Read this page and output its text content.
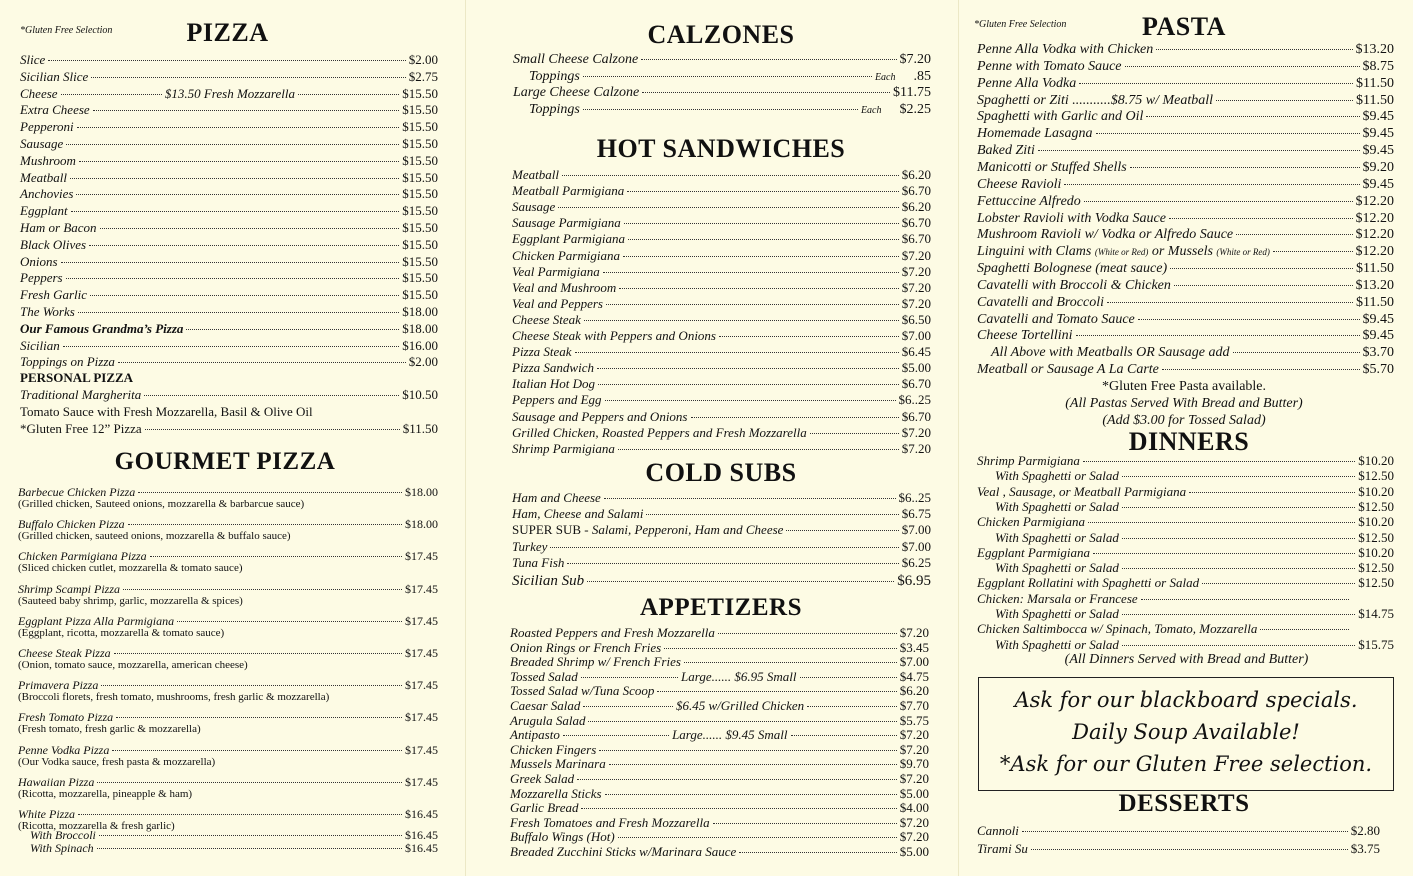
*Gluten Free Selection	PIZZA
Slice	$2.00
Sicilian Slice	$2.75
Cheese	$13.50 Fresh Mozzarella	$15.50
Extra Cheese	$15.50
Pepperoni	$15.50
Sausage	$15.50
Mushroom	$15.50
Meatball	$15.50
Anchovies	$15.50
Eggplant	$15.50
Ham or Bacon	$15.50
Black Olives	$15.50
Onions	$15.50
Peppers	$15.50
Fresh Garlic	$15.50
The Works	$18.00
Our Famous Grandma’s Pizza	$18.00
Sicilian	$16.00
Toppings on Pizza	$2.00
PERSONAL PIZZA
Traditional Margherita	$10.50
Tomato Sauce with Fresh Mozzarella, Basil & Olive Oil
*Gluten Free 12” Pizza	$11.50
GOURMET PIZZA
Barbecue Chicken Pizza	$18.00
(Grilled chicken, Sauteed onions, mozzarella & barbarcue sauce)
Buffalo Chicken Pizza	$18.00
(Grilled chicken, sauteed onions, mozzarella & buffalo sauce)
Chicken Parmigiana Pizza	$17.45
(Sliced chicken cutlet, mozzarella & tomato sauce)
Shrimp Scampi Pizza	$17.45
(Sauteed baby shrimp, garlic, mozzarella & spices)
Eggplant Pizza Alla Parmigiana	$17.45
(Eggplant, ricotta, mozzarella & tomato sauce)
Cheese Steak Pizza	$17.45
(Onion, tomato sauce, mozzarella, american cheese)
Primavera Pizza	$17.45
(Broccoli florets, fresh tomato, mushrooms, fresh garlic & mozzarella)
Fresh Tomato Pizza	$17.45
(Fresh tomato, fresh garlic & mozzarella)
Penne Vodka Pizza	$17.45
(Our Vodka sauce, fresh pasta & mozzarella)
Hawaiian Pizza	$17.45
(Ricotta, mozzarella, pineapple & ham)
White Pizza	$16.45
(Ricotta, mozzarella & fresh garlic)
With Broccoli	$16.45
With Spinach	$16.45
CALZONES
Small Cheese Calzone	$7.20
Toppings	Each .85
Large Cheese Calzone	$11.75
Toppings	Each $2.25
HOT SANDWICHES
Meatball	$6.20
Meatball Parmigiana	$6.70
Sausage	$6.20
Sausage Parmigiana	$6.70
Eggplant Parmigiana	$6.70
Chicken Parmigiana	$7.20
Veal Parmigiana	$7.20
Veal and Mushroom	$7.20
Veal and Peppers	$7.20
Cheese Steak	$6.50
Cheese Steak with Peppers and Onions	$7.00
Pizza Steak	$6.45
Pizza Sandwich	$5.00
Italian Hot Dog	$6.70
Peppers and Egg	$6..25
Sausage and Peppers and Onions	$6.70
Grilled Chicken, Roasted Peppers and Fresh Mozzarella	$7.20
Shrimp Parmigiana	$7.20
COLD SUBS
Ham and Cheese	$6..25
Ham, Cheese and Salami	$6.75
SUPER SUB - Salami, Pepperoni, Ham and Cheese	$7.00
Turkey	$7.00
Tuna Fish	$6.25
Sicilian Sub	$6.95
APPETIZERS
Roasted Peppers and Fresh Mozzarella	$7.20
Onion Rings or French Fries	$3.45
Breaded Shrimp w/ French Fries	$7.00
Tossed Salad	Large...... $6.95 Small	$4.75
Tossed Salad w/Tuna Scoop	$6.20
Caesar Salad	$6.45 w/Grilled Chicken	$7.70
Arugula Salad	$5.75
Antipasto	Large...... $9.45 Small	$7.20
Chicken Fingers	$7.20
Mussels Marinara	$9.70
Greek Salad	$7.20
Mozzarella Sticks	$5.00
Garlic Bread	$4.00
Fresh Tomatoes and Fresh Mozzarella	$7.20
Buffalo Wings (Hot)	$7.20
Breaded Zucchini Sticks w/Marinara Sauce	$5.00
*Gluten Free Selection	PASTA
Penne Alla Vodka with Chicken	$13.20
Penne with Tomato Sauce	$8.75
Penne Alla Vodka	$11.50
Spaghetti or Ziti ...........$8.75 w/ Meatball	$11.50
Spaghetti with Garlic and Oil	$9.45
Homemade Lasagna	$9.45
Baked Ziti	$9.45
Manicotti or Stuffed Shells	$9.20
Cheese Ravioli	$9.45
Fettuccine Alfredo	$12.20
Lobster Ravioli with Vodka Sauce	$12.20
Mushroom Ravioli w/ Vodka or Alfredo Sauce	$12.20
Linguini with Clams (White or Red) or Mussels (White or Red)	$12.20
Spaghetti Bolognese (meat sauce)	$11.50
Cavatelli with Broccoli & Chicken	$13.20
Cavatelli and Broccoli	$11.50
Cavatelli and Tomato Sauce	$9.45
Cheese Tortellini	$9.45
All Above with Meatballs OR Sausage add	$3.70
Meatball or Sausage A La Carte	$5.70
*Gluten Free Pasta available.
(All Pastas Served With Bread and Butter)
(Add $3.00 for Tossed Salad)
DINNERS
Shrimp Parmigiana	$10.20
With Spaghetti or Salad	$12.50
Veal , Sausage, or Meatball Parmigiana	$10.20
With Spaghetti or Salad	$12.50
Chicken Parmigiana	$10.20
With Spaghetti or Salad	$12.50
Eggplant Parmigiana	$10.20
With Spaghetti or Salad	$12.50
Eggplant Rollatini with Spaghetti or Salad	$12.50
Chicken: Marsala or Francese
With Spaghetti or Salad	$14.75
Chicken Saltimbocca w/ Spinach, Tomato, Mozzarella
With Spaghetti or Salad	$15.75
(All Dinners Served with Bread and Butter)
Ask for our blackboard specials.
Daily Soup Available!
*Ask for our Gluten Free selection.
DESSERTS
Cannoli	$2.80
Tirami Su	$3.75
